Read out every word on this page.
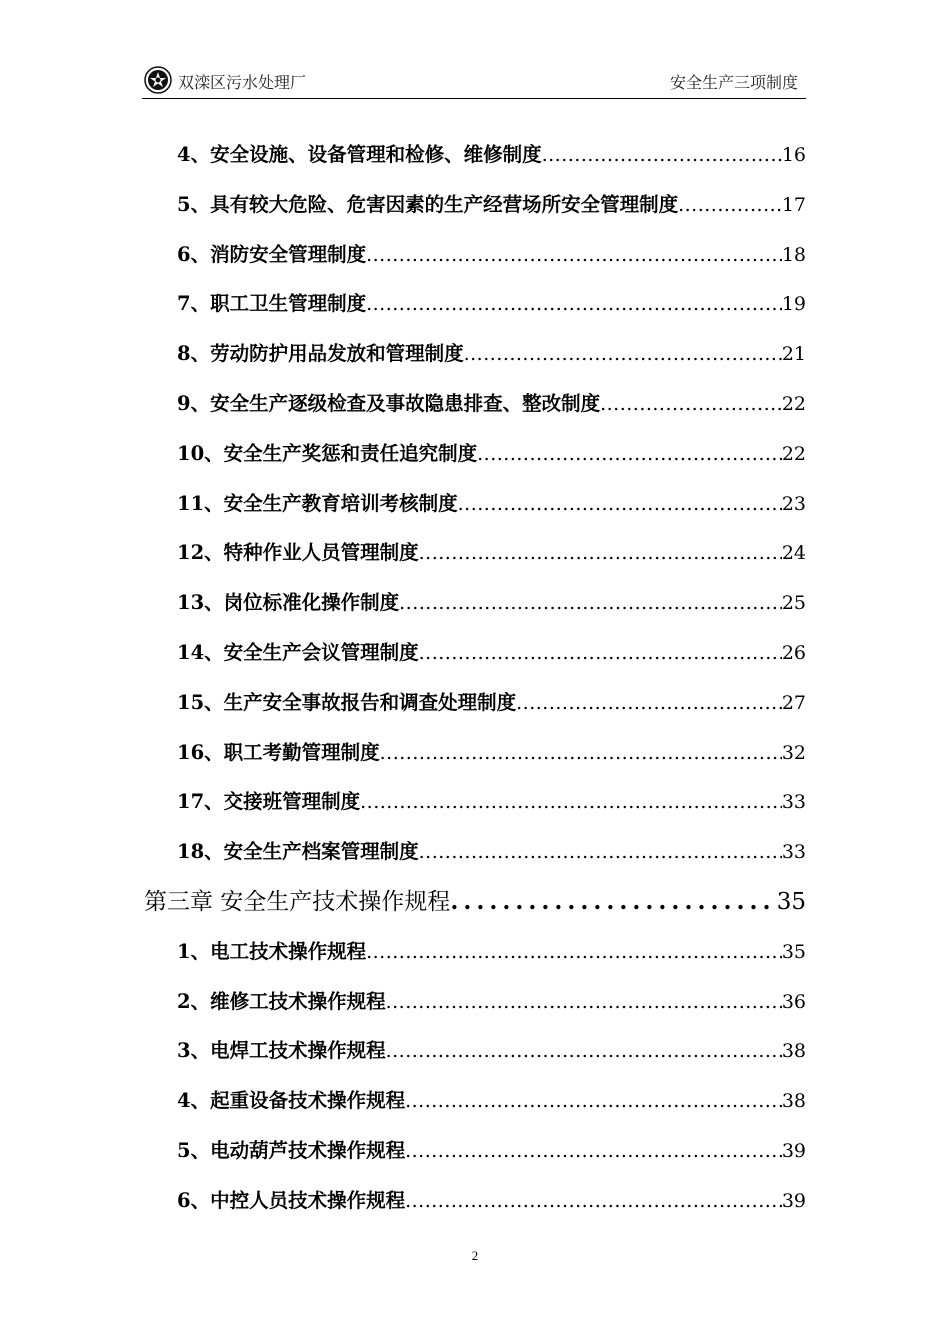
双滦区污水处理厂	安全生产三项制度
4、安全设施、设备管理和检修、维修制度 .....	16
5、具有较大危险、危害因素的生产经营场所安全管理制度 .....	17
6、消防安全管理制度 .....	18
7、职工卫生管理制度 .....	19
8、劳动防护用品发放和管理制度 .....	21
9、安全生产逐级检查及事故隐患排查、整改制度 .....	22
10、安全生产奖惩和责任追究制度 .....	22
11、安全生产教育培训考核制度 .....	23
12、特种作业人员管理制度 .....	24
13、岗位标准化操作制度 .....	25
14、安全生产会议管理制度 .....	26
15、生产安全事故报告和调查处理制度 .....	27
16、职工考勤管理制度 .....	32
17、交接班管理制度 .....	33
18、安全生产档案管理制度 .....	33
第三章 安全生产技术操作规程 .....	35
1、电工技术操作规程 .....	35
2、维修工技术操作规程 .....	36
3、电焊工技术操作规程 .....	38
4、起重设备技术操作规程 .....	38
5、电动葫芦技术操作规程 .....	39
6、中控人员技术操作规程 .....	39
2
